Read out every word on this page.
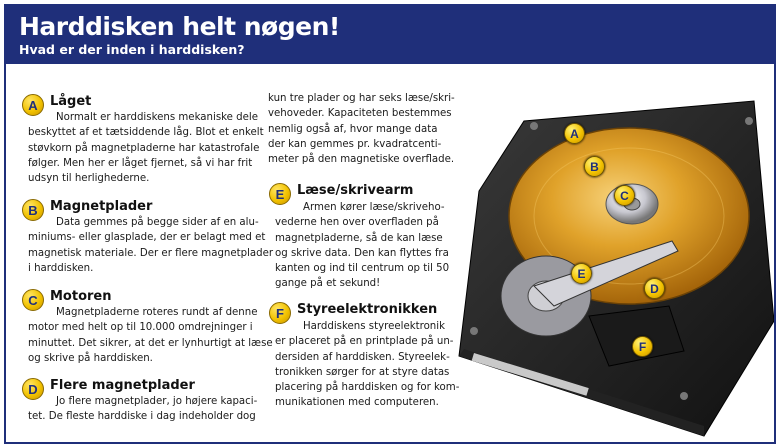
Harddisken helt nøgen!
Hvad er der inden i harddisken?
A Låget
Normalt er harddiskens mekaniske dele
beskyttet af et tætsiddende låg. Blot et enkelt
støvkorn på magnetpladerne har katastrofale
følger. Men her er låget fjernet, så vi har frit
udsyn til herlighederne.
B Magnetplader
Data gemmes på begge sider af en alu-
miniums- eller glasplade, der er belagt med et
magnetisk materiale. Der er flere magnetplader
i harddisken.
C Motoren
Magnetpladerne roteres rundt af denne
motor med helt op til 10.000 omdrejninger i
minuttet. Det sikrer, at det er lynhurtigt at læse
og skrive på harddisken.
D Flere magnetplader
Jo flere magnetplader, jo højere kapaci-
tet. De fleste harddiske i dag indeholder dog
kun tre plader og har seks læse/skri-
vehoveder. Kapaciteten bestemmes
nemlig også af, hvor mange data
der kan gemmes pr. kvadratcenti-
meter på den magnetiske overflade.
E Læse/skrivearm
Armen kører læse/skriveho-
vederne hen over overfladen på
magnetpladerne, så de kan læse
og skrive data. Den kan flyttes fra
kanten og ind til centrum op til 50
gange på et sekund!
F	Styreelektronikken
Harddiskens styreelektronik
er placeret på en printplade på un-
dersiden af harddisken. Styreelek-
tronikken sørger for at styre datas
placering på harddisken og for kom-
munikationen med computeren.
A
B
C
E
D
F
